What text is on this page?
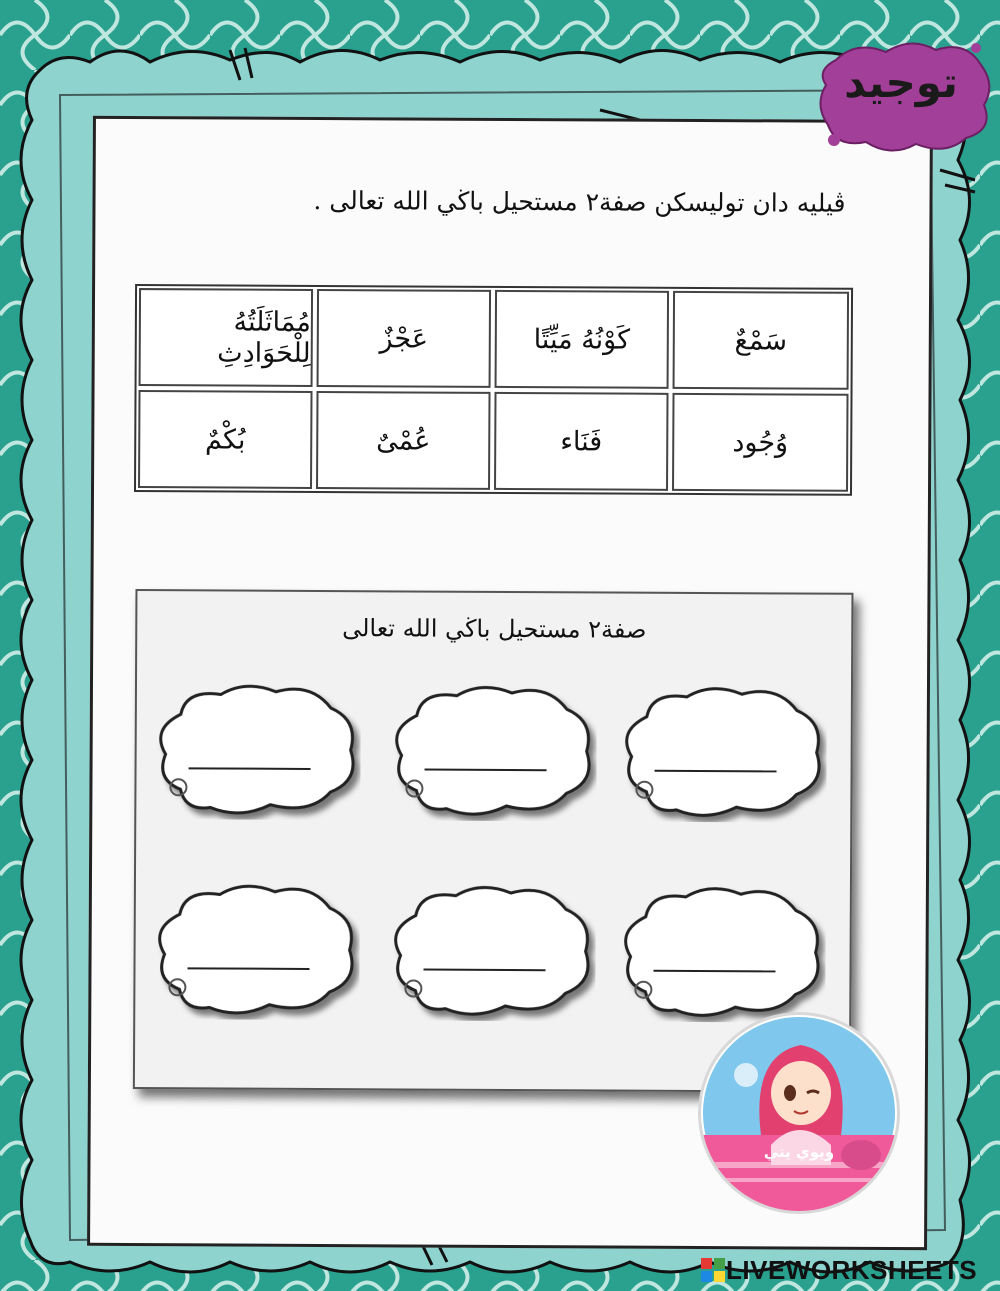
ڤيليه دان توليسكن صفة٢ مستحيل باڬي الله تعالى .
سَمْعٌ
كَوْنُهُ مَيِّتًا
عَجْزٌ
مُمَاثَلَتُهُ لِلْحَوَادِثِ
وُجُود
فَنَاء
عُمْىٌ
بُكْمٌ
صفة٢ مستحيل باڬي الله تعالى
توجيد
ويوي يتي
LIVEWORKSHEETS
